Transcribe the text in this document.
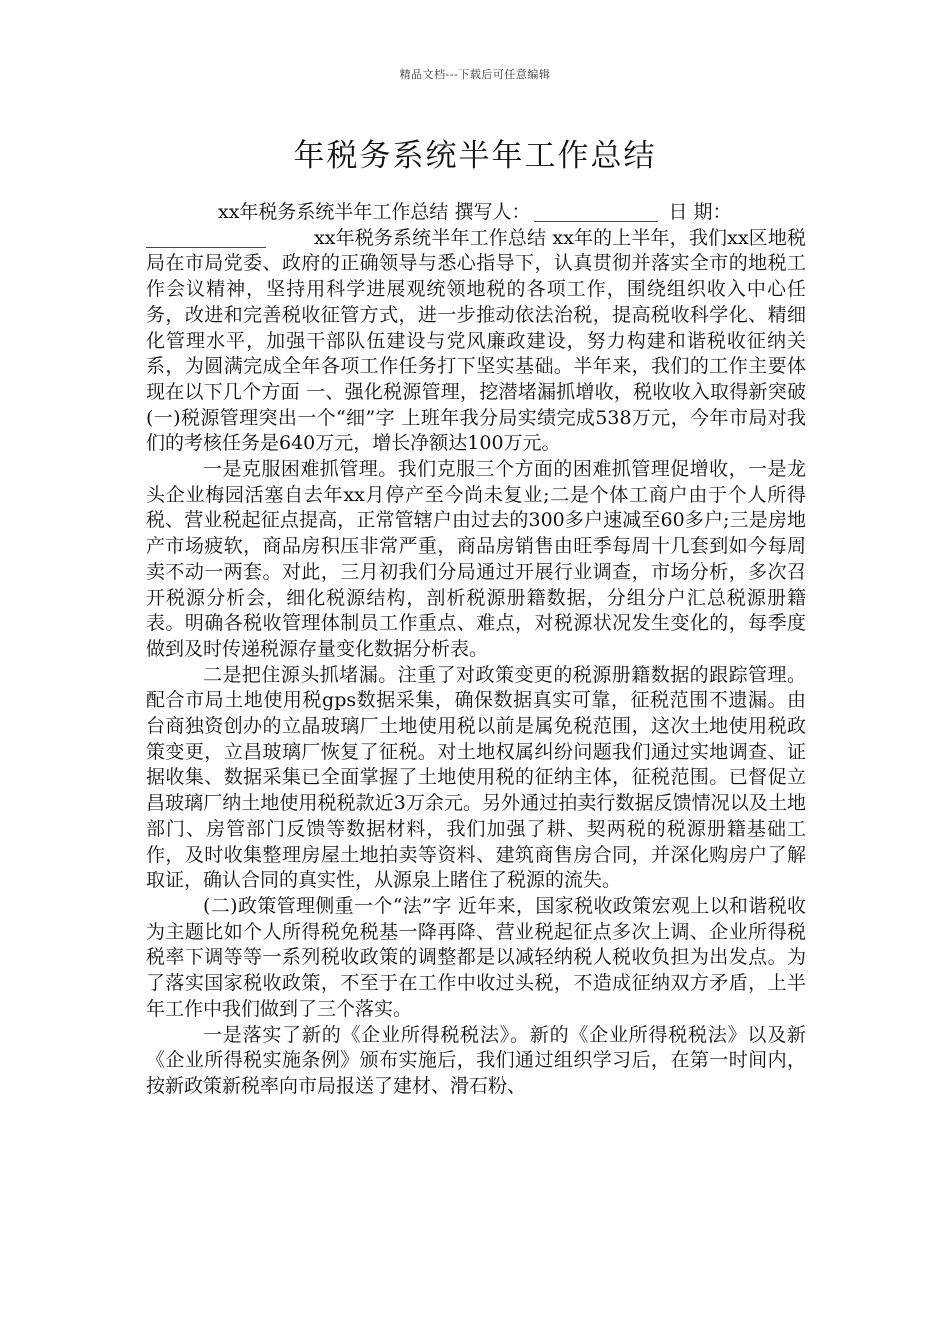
精品文档---下载后可任意编辑
年税务系统半年工作总结

xx年税务系统半年工作总结 撰写人：	日 期：

xx年税务系统半年工作总结 xx年的上半年，我们xx区地税局在市局党委、政府的正确领导与悉心指导下，认真贯彻并落实全市的地税工作会议精神，坚持用科学进展观统领地税的各项工作，围绕组织收入中心任务，改进和完善税收征管方式，进一步推动依法治税，提高税收科学化、精细化管理水平，加强干部队伍建设与党风廉政建设，努力构建和谐税收征纳关系，为圆满完成全年各项工作任务打下坚实基础。半年来，我们的工作主要体现在以下几个方面 一、强化税源管理，挖潜堵漏抓增收，税收收入取得新突破 (一)税源管理突出一个“细”字 上班年我分局实绩完成538万元，今年市局对我们的考核任务是640万元，增长净额达100万元。

一是克服困难抓管理。我们克服三个方面的困难抓管理促增收，一是龙头企业梅园活塞自去年xx月停产至今尚未复业;二是个体工商户由于个人所得税、营业税起征点提高，正常管辖户由过去的300多户速减至60多户;三是房地产市场疲软，商品房积压非常严重，商品房销售由旺季每周十几套到如今每周卖不动一两套。对此，三月初我们分局通过开展行业调查，市场分析，多次召开税源分析会，细化税源结构，剖析税源册籍数据，分组分户汇总税源册籍表。明确各税收管理体制员工作重点、难点，对税源状况发生变化的，每季度做到及时传递税源存量变化数据分析表。

二是把住源头抓堵漏。注重了对政策变更的税源册籍数据的跟踪管理。配合市局土地使用税gps数据采集，确保数据真实可靠，征税范围不遗漏。由台商独资创办的立晶玻璃厂土地使用税以前是属免税范围，这次土地使用税政策变更，立昌玻璃厂恢复了征税。对土地权属纠纷问题我们通过实地调查、证据收集、数据采集已全面掌握了土地使用税的征纳主体，征税范围。已督促立昌玻璃厂纳土地使用税税款近3万余元。另外通过拍卖行数据反馈情况以及土地部门、房管部门反馈等数据材料，我们加强了耕、契两税的税源册籍基础工作，及时收集整理房屋土地拍卖等资料、建筑商售房合同，并深化购房户了解取证，确认合同的真实性，从源泉上睹住了税源的流失。

(二)政策管理侧重一个“法”字 近年来，国家税收政策宏观上以和谐税收为主题比如个人所得税免税基一降再降、营业税起征点多次上调、企业所得税税率下调等等一系列税收政策的调整都是以减轻纳税人税收负担为出发点。为了落实国家税收政策，不至于在工作中收过头税，不造成征纳双方矛盾，上半年工作中我们做到了三个落实。

一是落实了新的《企业所得税税法》。新的《企业所得税税法》以及新《企业所得税实施条例》颁布实施后，我们通过组织学习后，在第一时间内，按新政策新税率向市局报送了建材、滑石粉、
